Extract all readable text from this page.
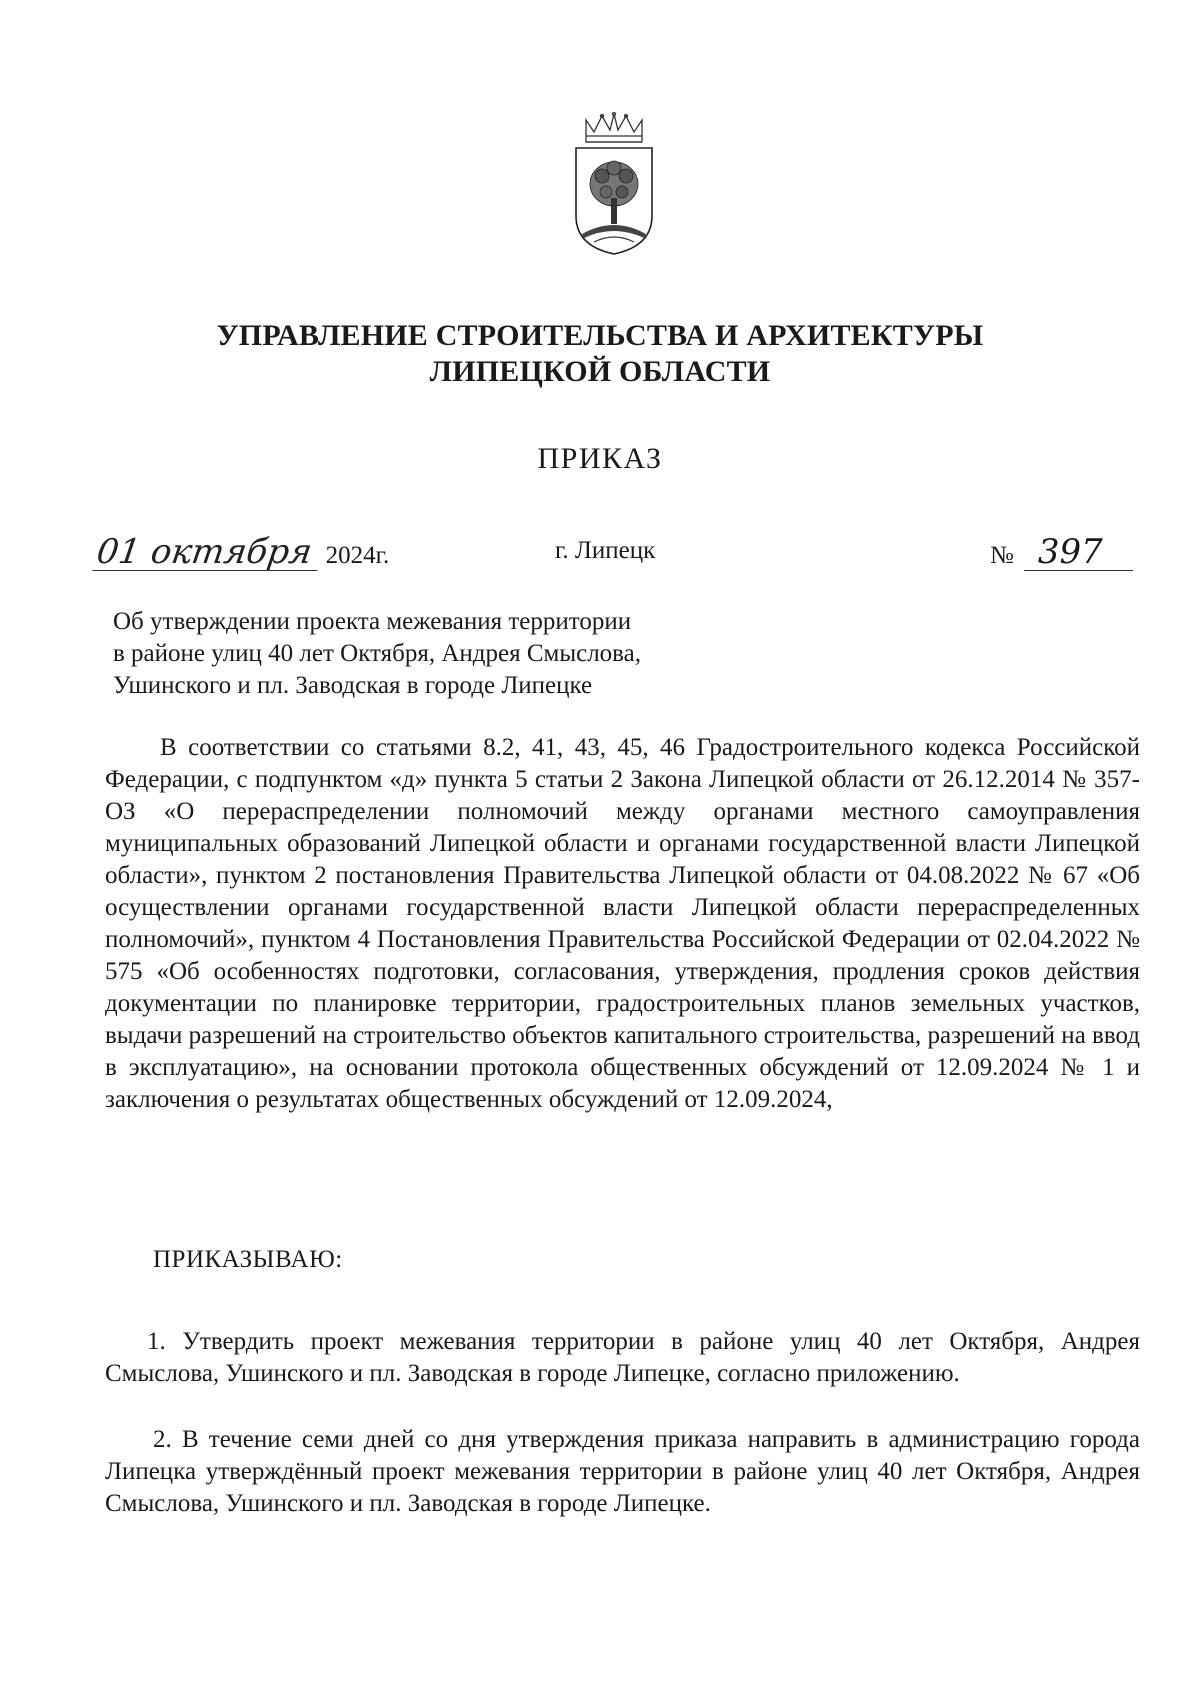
УПРАВЛЕНИЕ СТРОИТЕЛЬСТВА И АРХИТЕКТУРЫ
ЛИПЕЦКОЙ ОБЛАСТИ
ПРИКАЗ
01 октября 2024г.	г. Липецк	№ 397
Об утверждении проекта межевания территории
в районе улиц 40 лет Октября, Андрея Смыслова,
Ушинского и пл. Заводская в городе Липецке
В соответствии со статьями 8.2, 41, 43, 45, 46 Градостроительного кодекса Российской Федерации, с подпунктом «д» пункта 5 статьи 2 Закона Липецкой области от 26.12.2014 № 357-ОЗ «О перераспределении полномочий между органами местного самоуправления муниципальных образований Липецкой области и органами государственной власти Липецкой области», пунктом 2 постановления Правительства Липецкой области от 04.08.2022 № 67 «Об осуществлении органами государственной власти Липецкой области перераспределенных полномочий», пунктом 4 Постановления Правительства Российской Федерации от 02.04.2022 № 575 «Об особенностях подготовки, согласования, утверждения, продления сроков действия документации по планировке территории, градостроительных планов земельных участков, выдачи разрешений на строительство объектов капитального строительства, разрешений на ввод в эксплуатацию», на основании протокола общественных обсуждений от 12.09.2024 № 1 и заключения о результатах общественных обсуждений от 12.09.2024,
ПРИКАЗЫВАЮ:
1. Утвердить проект межевания территории в районе улиц 40 лет Октября, Андрея Смыслова, Ушинского и пл. Заводская в городе Липецке, согласно приложению.
2. В течение семи дней со дня утверждения приказа направить в администрацию города Липецка утверждённый проект межевания территории в районе улиц 40 лет Октября, Андрея Смыслова, Ушинского и пл. Заводская в городе Липецке.
